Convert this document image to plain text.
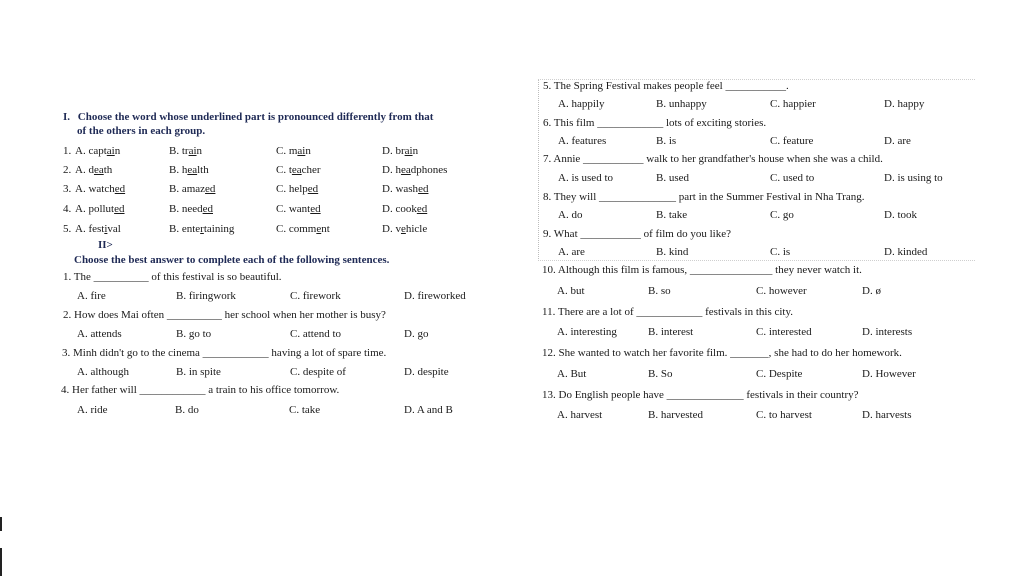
I. Choose the word whose underlined part is pronounced differently from that
of the others in each group.
1. A. captain	B. train	C. main	D. brain
2. A. death	B. health	C. teacher	D. headphones
3. A. watched	B. amazed	C. helped	D. washed
4. A. polluted	B. needed	C. wanted	D. cooked
5. A. festival	B. entertaining	C. comment	D. vehicle
II>
Choose the best answer to complete each of the following sentences.
1. The __________ of this festival is so beautiful.
A. fire	B. firingwork	C. firework	D. fireworked
2. How does Mai often __________ her school when her mother is busy?
A. attends	B. go to	C. attend to	D. go
3. Minh didn't go to the cinema ____________ having a lot of spare time.
A. although	B. in spite	C. despite of	D. despite
4. Her father will ____________ a train to his office tomorrow.
A. ride	B. do	C. take	D. A and B
5. The Spring Festival makes people feel ___________.
A. happily	B. unhappy	C. happier	D. happy
6. This film ____________ lots of exciting stories.
A. features	B. is	C. feature	D. are
7. Annie ___________ walk to her grandfather's house when she was a child.
A. is used to	B. used	C. used to	D. is using to
8. They will ______________ part in the Summer Festival in Nha Trang.
A. do	B. take	C. go	D. took
9. What ___________ of film do you like?
A. are	B. kind	C. is	D. kinded
10. Although this film is famous, _______________ they never watch it.
A. but	B. so	C. however	D. ø
11. There are a lot of ____________ festivals in this city.
A. interesting	B. interest	C. interested	D. interests
12. She wanted to watch her favorite film. _______, she had to do her homework.
A. But	B. So	C. Despite	D. However
13. Do English people have ______________ festivals in their country?
A. harvest	B. harvested	C. to harvest	D. harvests
